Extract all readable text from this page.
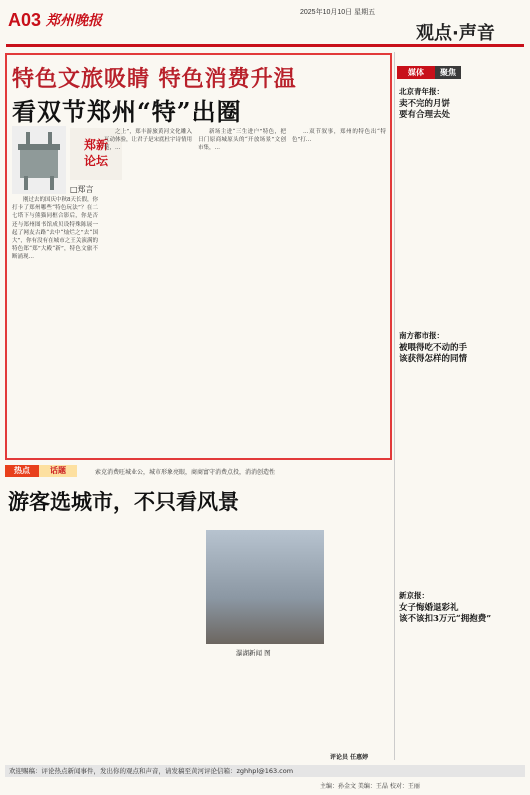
A03 郑州晚报
2025年10月10日 星期五
观点·声音
特色文旅吸睛 特色消费升温
看双节郑州“特”出圈
郑新
论坛
□郑言

刚过去的国庆中秋8天长假，你打卡了郑州哪些“特色玩法”？在二七塔下与熊猫同框合影后，你是否还与郑州图书馆成贝设特殊陈展一起了网友古路“去中“灿烂之”去“国大”，你有没有在城市之王关演满的特色郑“郑”大殿“新”，特色文旅不断涌现…

之上”，郑丰游旅黄河文化雕入互动体验，让君子是宋底杜宇诗情用笔，…

新场主进“三生进户”特色，把日门原商城原头的“开放场景”文创市集，…

…双节叙事，郑州的特色出“特色”打…

热点	话题	索克消费旺城业公，城市形象亮眼，商商富守消费点投，消消创造性
游客选城市，不只看风景
瀑湖新闻 图
评论员 任惠婷
媒体	聚焦
北京青年报：
卖不完的月饼
要有合理去处
南方都市报：
被喂得吃不动的手
该获得怎样的同情
新京报：
女子悔婚退彩礼
该不该扣3万元“拥抱费”
欢迎赐稿：评论热点新闻事件，发出你的观点和声音，请发稿至黄河评论信箱：zghhpl@163.com
主编：孙金文 美编：王晶 校对：王丽
